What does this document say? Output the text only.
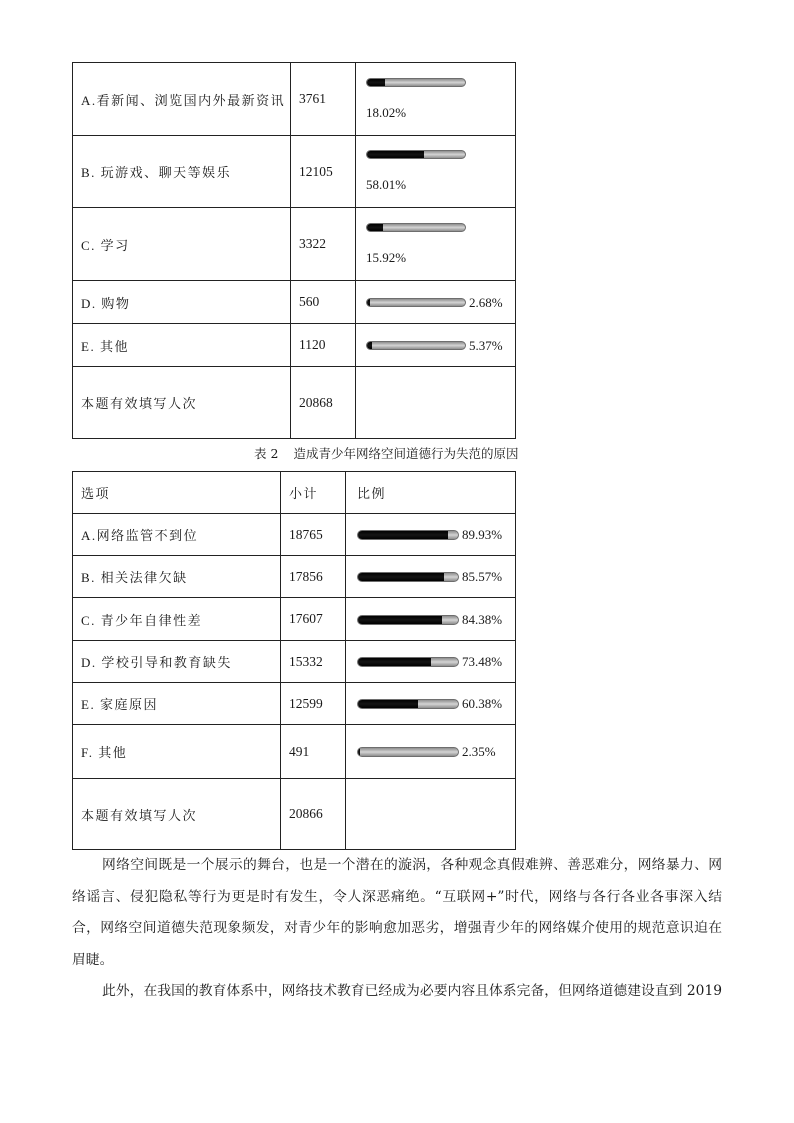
A.看新闻、浏览国内外最新资讯	3761	18.02%

B. 玩游戏、聊天等娱乐	12105	58.01%

C. 学习	3322	15.92%

D. 购物	560	2.68%
E. 其他	1120	5.37%
本题有效填写人次	20868	
表 2 造成青少年网络空间道德行为失范的原因
选项	小计	比例
A.网络监管不到位	18765	89.93%
B. 相关法律欠缺	17856	85.57%
C. 青少年自律性差	17607	84.38%
D. 学校引导和教育缺失	15332	73.48%
E. 家庭原因	12599	60.38%
F. 其他	491	2.35%
本题有效填写人次	20866	
网络空间既是一个展示的舞台，也是一个潜在的漩涡，各种观念真假难辨、善恶难分，网络暴力、网
络谣言、侵犯隐私等行为更是时有发生，令人深恶痛绝。“互联网+”时代，网络与各行各业各事深入结
合，网络空间道德失范现象频发，对青少年的影响愈加恶劣，增强青少年的网络媒介使用的规范意识迫在
眉睫。
此外，在我国的教育体系中，网络技术教育已经成为必要内容且体系完备，但网络道德建设直到 2019
